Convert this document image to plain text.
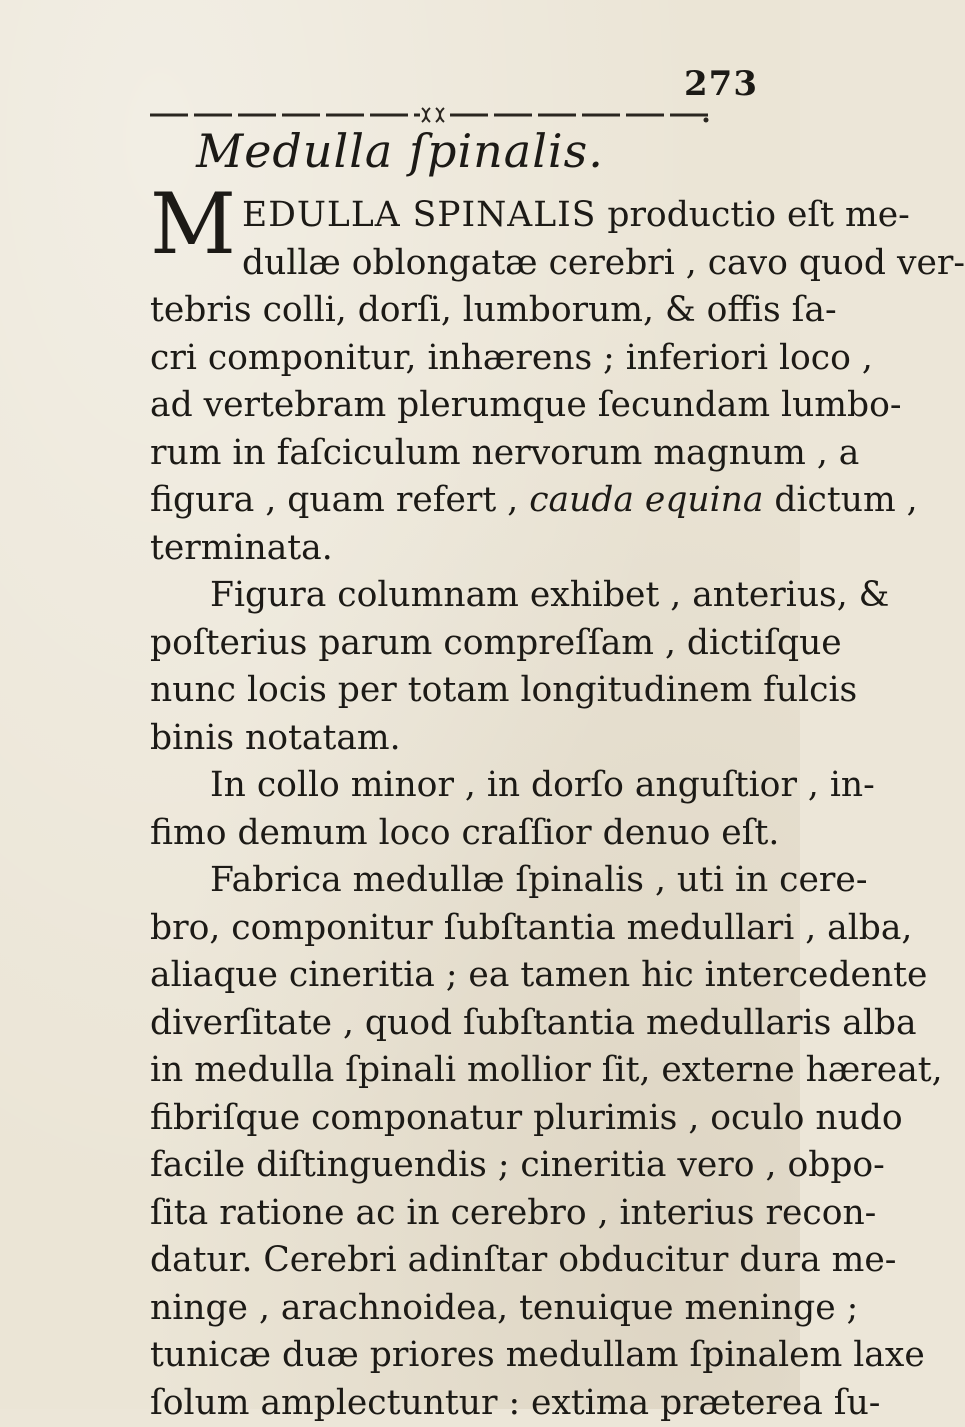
273
Medulla ſpinalis.
MEDULLA SPINALIS productio eſt me-
dullæ oblongatæ cerebri , cavo quod ver-
tebris colli, dorſi, lumborum, & offis ſa-
cri componitur, inhærens ; inferiori loco ,
ad vertebram plerumque ſecundam lumbo-
rum in faſciculum nervorum magnum , a
figura , quam refert , cauda equina dictum ,
terminata.
Figura columnam exhibet , anterius, &
poſterius parum compreſſam , dictiſque
nunc locis per totam longitudinem fulcis
binis notatam.
In collo minor , in dorſo anguſtior , in-
fimo demum loco craſſior denuo eſt.
Fabrica medullæ ſpinalis , uti in cere-
bro, componitur ſubſtantia medullari , alba,
aliaque cineritia ; ea tamen hic intercedente
diverſitate , quod ſubſtantia medullaris alba
in medulla ſpinali mollior ſit, externe hæreat,
fibriſque componatur plurimis , oculo nudo
facile diſtinguendis ; cineritia vero , obpo-
ſita ratione ac in cerebro , interius recon-
datur. Cerebri adinſtar obducitur dura me-
ninge , arachnoidea, tenuique meninge ;
tunicæ duæ priores medullam ſpinalem laxe
ſolum amplectuntur : extima præterea ſu-
